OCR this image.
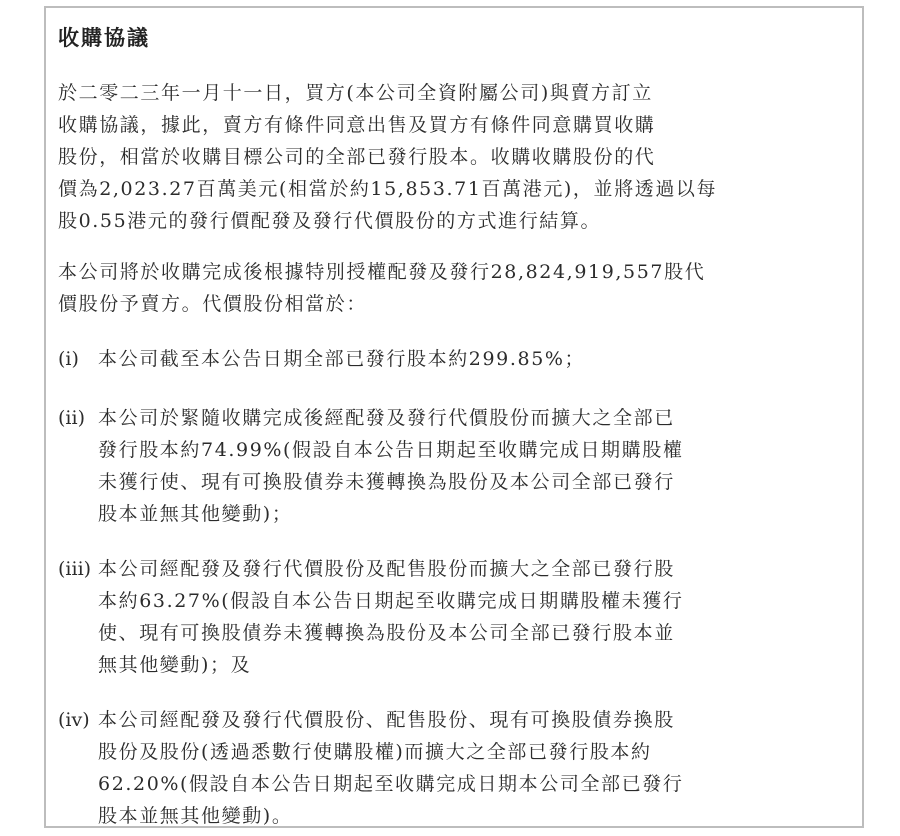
收購協議
於二零二三年一月十一日，買方(本公司全資附屬公司)與賣方訂立
收購協議，據此，賣方有條件同意出售及買方有條件同意購買收購
股份，相當於收購目標公司的全部已發行股本。收購收購股份的代
價為2,023.27百萬美元(相當於約15,853.71百萬港元)，並將透過以每
股0.55港元的發行價配發及發行代價股份的方式進行結算。
本公司將於收購完成後根據特別授權配發及發行28,824,919,557股代
價股份予賣方。代價股份相當於：
(i) 本公司截至本公告日期全部已發行股本約299.85%；
(ii) 本公司於緊隨收購完成後經配發及發行代價股份而擴大之全部已
發行股本約74.99%(假設自本公告日期起至收購完成日期購股權
未獲行使、現有可換股債券未獲轉換為股份及本公司全部已發行
股本並無其他變動)；
(iii) 本公司經配發及發行代價股份及配售股份而擴大之全部已發行股
本約63.27%(假設自本公告日期起至收購完成日期購股權未獲行
使、現有可換股債券未獲轉換為股份及本公司全部已發行股本並
無其他變動)；及
(iv) 本公司經配發及發行代價股份、配售股份、現有可換股債券換股
股份及股份(透過悉數行使購股權)而擴大之全部已發行股本約
62.20%(假設自本公告日期起至收購完成日期本公司全部已發行
股本並無其他變動)。
